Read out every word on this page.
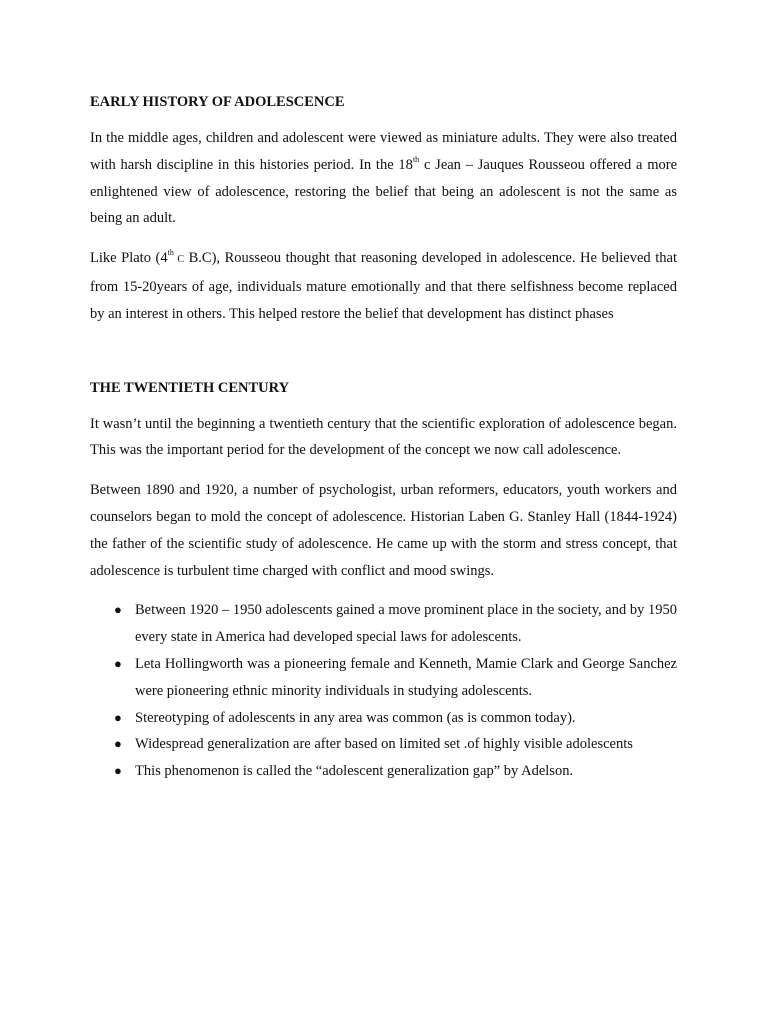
EARLY HISTORY OF ADOLESCENCE

In the middle ages, children and adolescent were viewed as miniature adults. They were also treated with harsh discipline in this histories period. In the 18th c Jean – Jauques Rousseou offered a more enlightened view of adolescence, restoring the belief that being an adolescent is not the same as being an adult.

Like Plato (4th C B.C), Rousseou thought that reasoning developed in adolescence. He believed that from 15-20years of age, individuals mature emotionally and that there selfishness become replaced by an interest in others. This helped restore the belief that development has distinct phases

THE TWENTIETH CENTURY

It wasn’t until the beginning a twentieth century that the scientific exploration of adolescence began. This was the important period for the development of the concept we now call adolescence.

Between 1890 and 1920, a number of psychologist, urban reformers, educators, youth workers and counselors began to mold the concept of adolescence. Historian Laben G. Stanley Hall (1844-1924) the father of the scientific study of adolescence. He came up with the storm and stress concept, that adolescence is turbulent time charged with conflict and mood swings.

● Between 1920 – 1950 adolescents gained a move prominent place in the society, and by 1950 every state in America had developed special laws for adolescents.
● Leta Hollingworth was a pioneering female and Kenneth, Mamie Clark and George Sanchez were pioneering ethnic minority individuals in studying adolescents.
● Stereotyping of adolescents in any area was common (as is common today).
● Widespread generalization are after based on limited set .of highly visible adolescents
● This phenomenon is called the “adolescent generalization gap” by Adelson.
